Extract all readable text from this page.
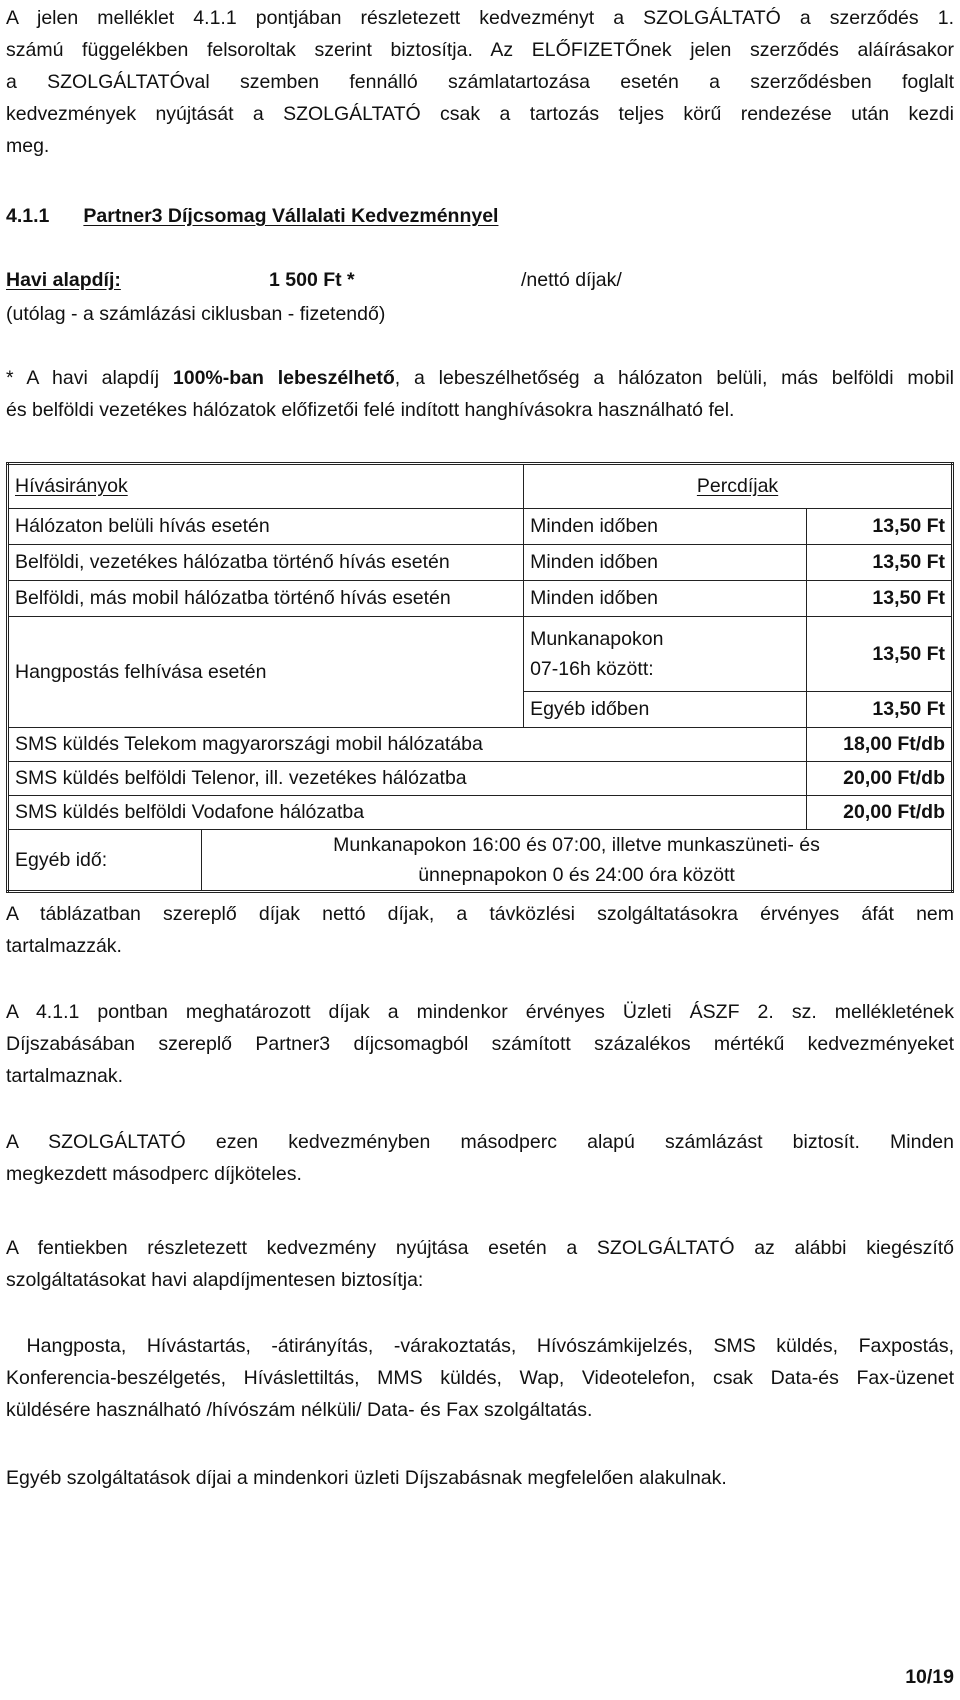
A jelen melléklet 4.1.1 pontjában részletezett kedvezményt a SZOLGÁLTATÓ a szerződés 1.
számú függelékben felsoroltak szerint biztosítja. Az ELŐFIZETŐnek jelen szerződés aláírásakor
a SZOLGÁLTATÓval szemben fennálló számlatartozása esetén a szerződésben foglalt
kedvezmények nyújtását a SZOLGÁLTATÓ csak a tartozás teljes körű rendezése után kezdi
meg.
4.1.1 Partner3 Díjcsomag Vállalati Kedvezménnyel
Havi alapdíj:	1 500 Ft *	/nettó díjak/

(utólag - a számlázási ciklusban - fizetendő)
* A havi alapdíj 100%-ban lebeszélhető, a lebeszélhetőség a hálózaton belüli, más belföldi mobil
és belföldi vezetékes hálózatok előfizetői felé indított hanghívásokra használható fel.
Hívásirányok		Percdíjak	
Hálózaton belüli hívás esetén		Minden időben	13,50 Ft
Belföldi, vezetékes hálózatba történő hívás esetén		Minden időben	13,50 Ft
Belföldi, más mobil hálózatba történő hívás esetén		Minden időben	13,50 Ft
Hangpostás felhívása esetén		Munkanapokon
07-16h között:	13,50 Ft
		Egyéb időben	13,50 Ft
SMS küldés Telekom magyarországi mobil hálózatába			18,00 Ft/db
SMS küldés belföldi Telenor, ill. vezetékes hálózatba			20,00 Ft/db
SMS küldés belföldi Vodafone hálózatba			20,00 Ft/db
Egyéb idő:	Munkanapokon 16:00 és 07:00, illetve munkaszüneti- és
ünnepnapokon 0 és 24:00 óra között		
A táblázatban szereplő díjak nettó díjak, a távközlési szolgáltatásokra érvényes áfát nem
tartalmazzák.
A 4.1.1 pontban meghatározott díjak a mindenkor érvényes Üzleti ÁSZF 2. sz. mellékletének
Díjszabásában szereplő Partner3 díjcsomagból számított százalékos mértékű kedvezményeket
tartalmaznak.
A SZOLGÁLTATÓ ezen kedvezményben másodperc alapú számlázást biztosít. Minden
megkezdett másodperc díjköteles.
A fentiekben részletezett kedvezmény nyújtása esetén a SZOLGÁLTATÓ az alábbi kiegészítő
szolgáltatásokat havi alapdíjmentesen biztosítja:
Hangposta, Hívástartás, -átirányítás, -várakoztatás, Hívószámkijelzés, SMS küldés, Faxpostás,
Konferencia-beszélgetés, Híváslettiltás, MMS küldés, Wap, Videotelefon, csak Data-és Fax-üzenet
küldésére használható /hívószám nélküli/ Data- és Fax szolgáltatás.
Egyéb szolgáltatások díjai a mindenkori üzleti Díjszabásnak megfelelően alakulnak.
10/19
